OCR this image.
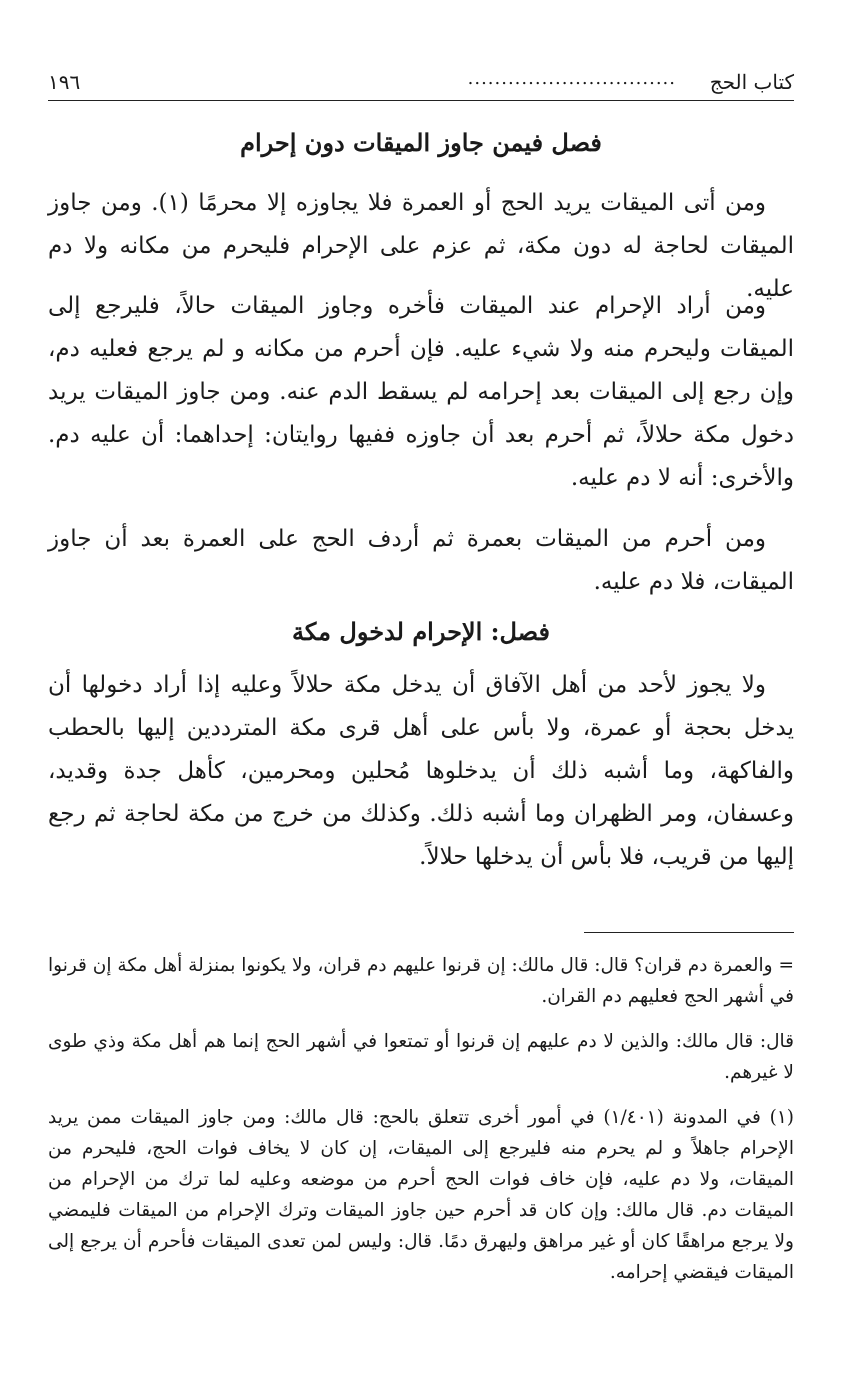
كتاب الحج
...............................
١٩٦
فصل فيمن جاوز الميقات دون إحرام
ومن أتى الميقات يريد الحج أو العمرة فلا يجاوزه إلا محرمًا (١). ومن جاوز الميقات لحاجة له دون مكة، ثم عزم على الإحرام فليحرم من مكانه ولا دم عليه.
ومن أراد الإحرام عند الميقات فأخره وجاوز الميقات حالاً، فليرجع إلى الميقات وليحرم منه ولا شيء عليه. فإن أحرم من مكانه و لم يرجع فعليه دم، وإن رجع إلى الميقات بعد إحرامه لم يسقط الدم عنه. ومن جاوز الميقات يريد دخول مكة حلالاً، ثم أحرم بعد أن جاوزه ففيها روايتان: إحداهما: أن عليه دم. والأخرى: أنه لا دم عليه.
ومن أحرم من الميقات بعمرة ثم أردف الحج على العمرة بعد أن جاوز الميقات، فلا دم عليه.
فصل: الإحرام لدخول مكة
ولا يجوز لأحد من أهل الآفاق أن يدخل مكة حلالاً وعليه إذا أراد دخولها أن يدخل بحجة أو عمرة، ولا بأس على أهل قرى مكة المترددين إليها بالحطب والفاكهة، وما أشبه ذلك أن يدخلوها مُحلين ومحرمين، كأهل جدة وقديد، وعسفان، ومر الظهران وما أشبه ذلك. وكذلك من خرج من مكة لحاجة ثم رجع إليها من قريب، فلا بأس أن يدخلها حلالاً.
= والعمرة دم قران؟ قال: قال مالك: إن قرنوا عليهم دم قران، ولا يكونوا بمنزلة أهل مكة إن قرنوا في أشهر الحج فعليهم دم القران.
قال: قال مالك: والذين لا دم عليهم إن قرنوا أو تمتعوا في أشهر الحج إنما هم أهل مكة وذي طوى لا غيرهم.
(١) في المدونة (١/٤٠١) في أمور أخرى تتعلق بالحج: قال مالك: ومن جاوز الميقات ممن يريد الإحرام جاهلاً و لم يحرم منه فليرجع إلى الميقات، إن كان لا يخاف فوات الحج، فليحرم من الميقات، ولا دم عليه، فإن خاف فوات الحج أحرم من موضعه وعليه لما ترك من الإحرام من الميقات دم. قال مالك: وإن كان قد أحرم حين جاوز الميقات وترك الإحرام من الميقات فليمضي ولا يرجع مراهقًا كان أو غير مراهق وليهرق دمًا. قال: وليس لمن تعدى الميقات فأحرم أن يرجع إلى الميقات فيقضي إحرامه.
